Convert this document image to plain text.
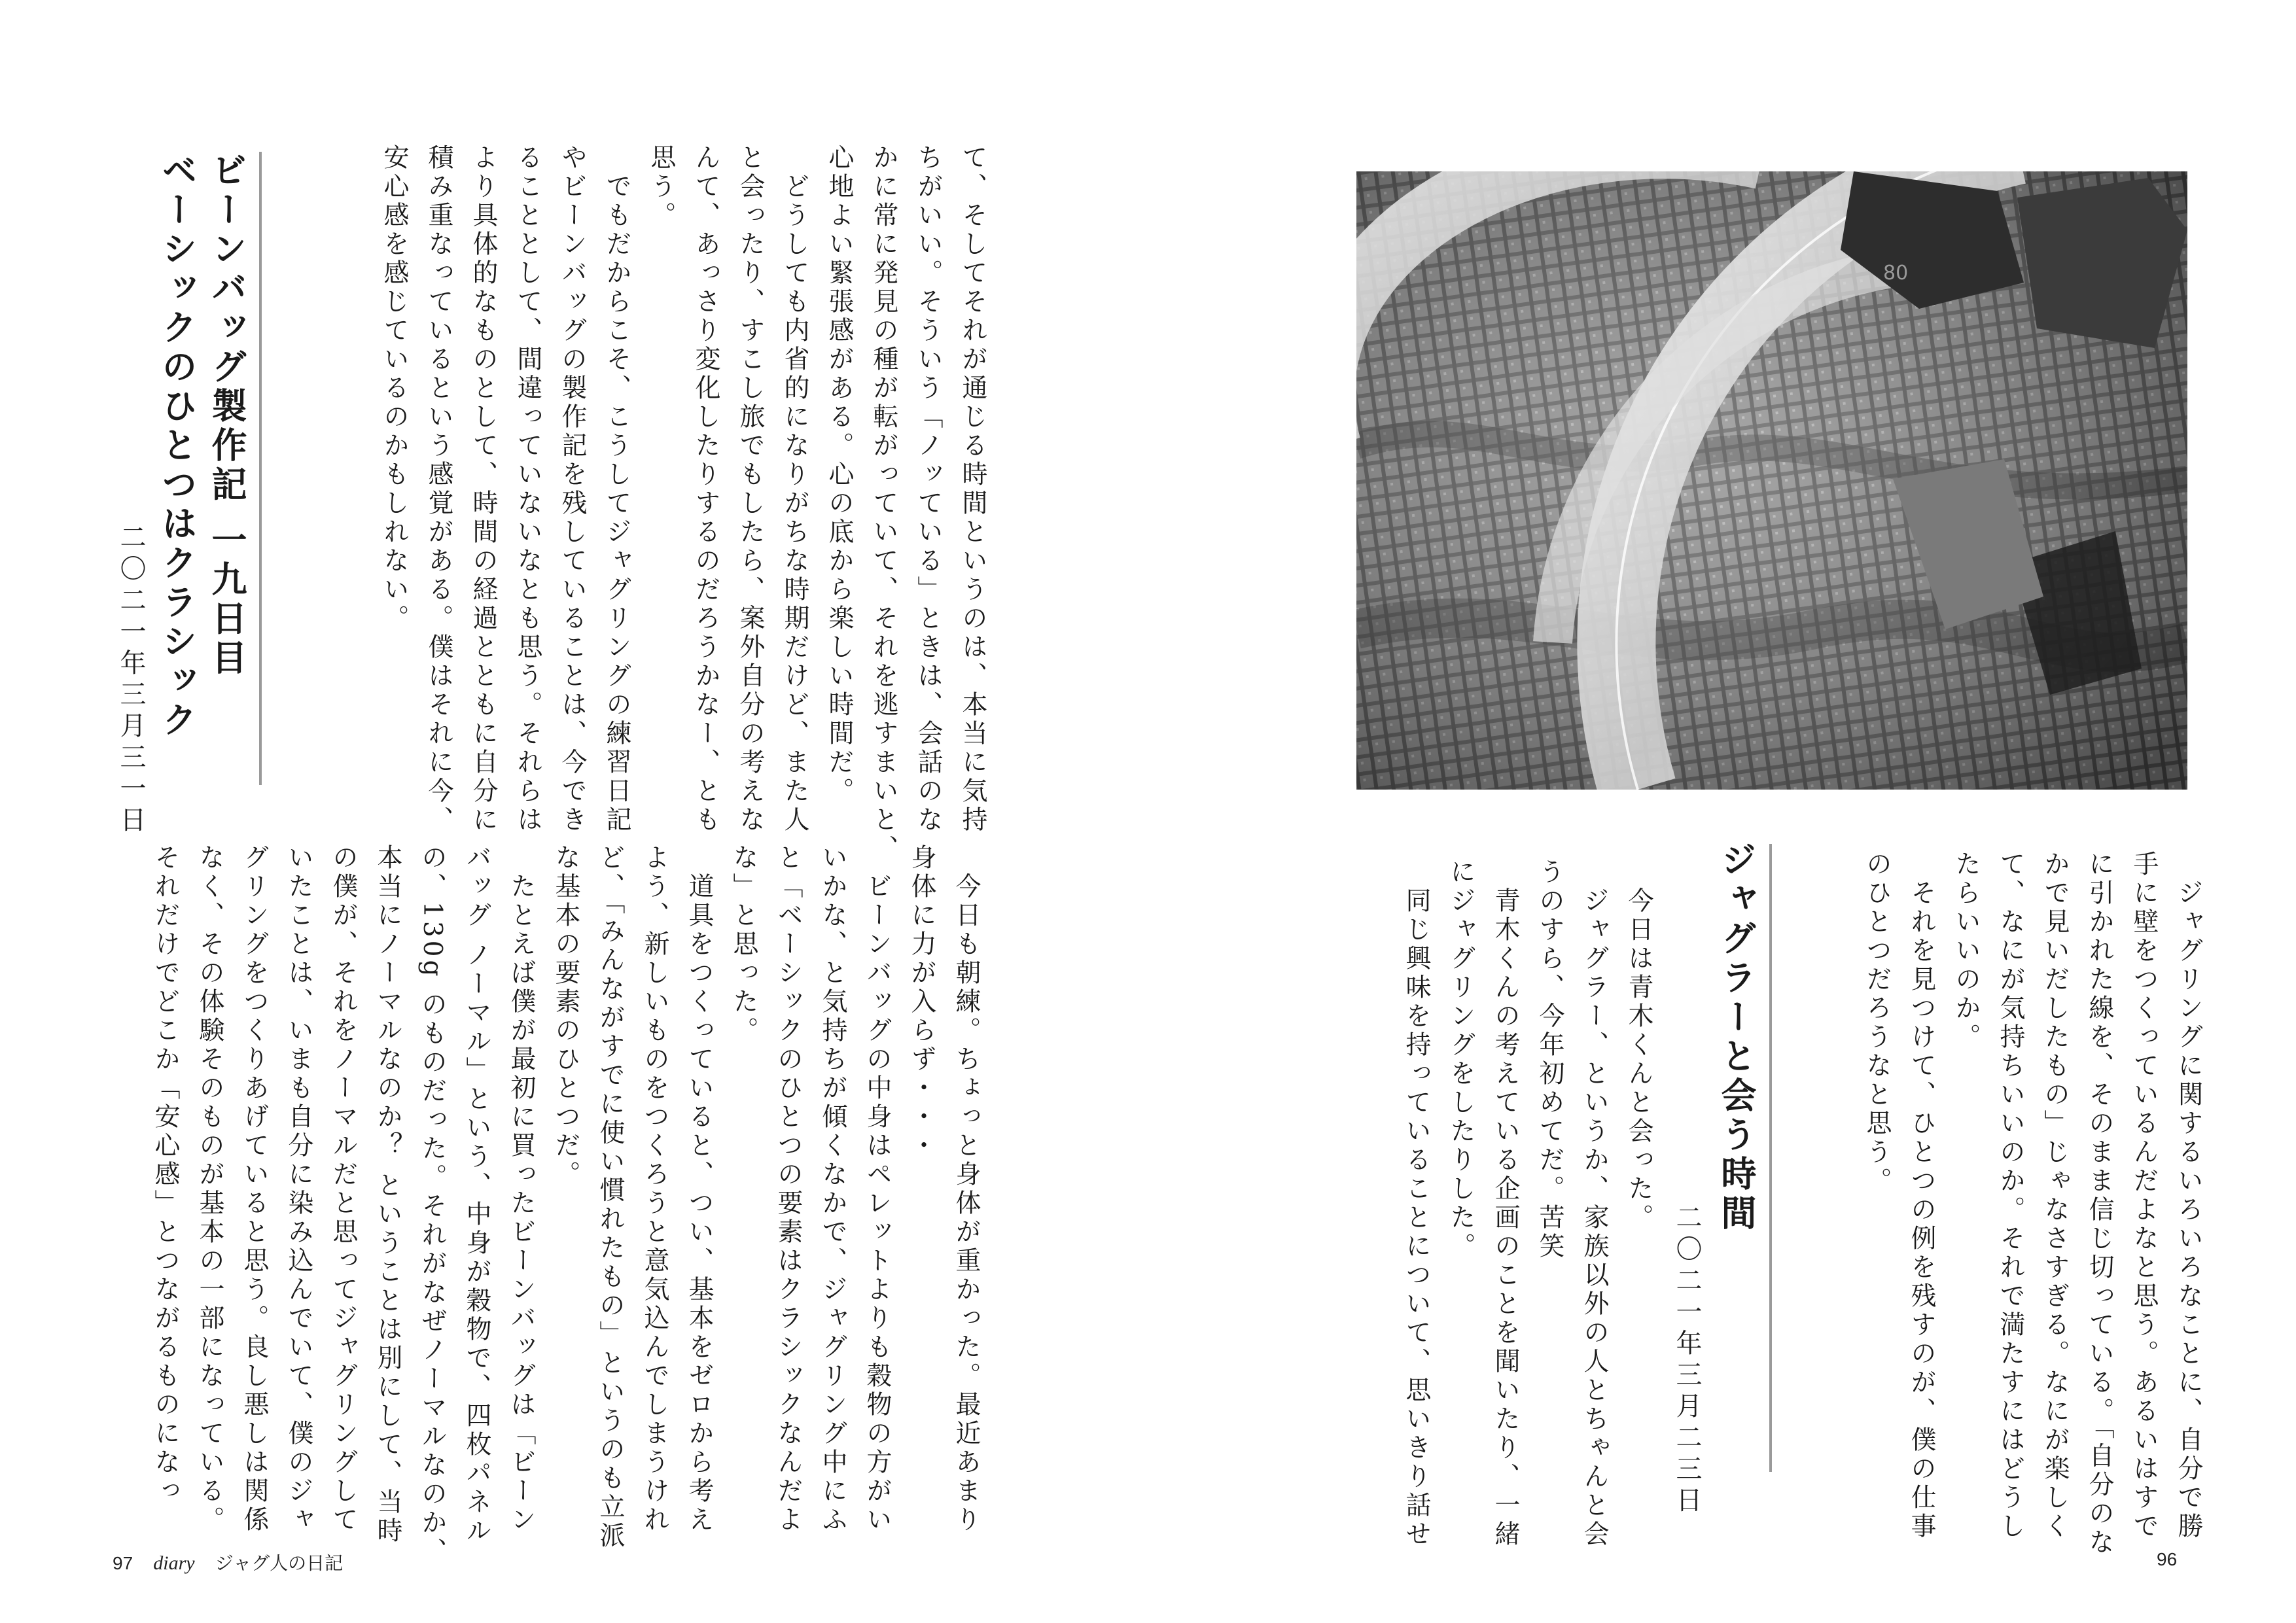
て、そしてそれが通じる時間というのは、本当に気持
ちがいい。そういう「ノッている」ときは、会話のな
かに常に発見の種が転がっていて、それを逃すまいと、
心地よい緊張感がある。心の底から楽しい時間だ。
　どうしても内省的になりがちな時期だけど、また人
と会ったり、すこし旅でもしたら、案外自分の考えな
んて、あっさり変化したりするのだろうかなー、とも
思う。
　でもだからこそ、こうしてジャグリングの練習日記
やビーンバッグの製作記を残していることは、今でき
ることとして、間違っていないなとも思う。それらは
より具体的なものとして、時間の経過とともに自分に
積み重なっているという感覚がある。僕はそれに今、
安心感を感じているのかもしれない。
ビーンバッグ製作記 一九日目
ベーシックのひとつはクラシック
二〇二一年三月三一日
　今日も朝練。ちょっと身体が重かった。最近あまり
身体に力が入らず・・・
　ビーンバッグの中身はペレットよりも穀物の方がい
いかな、と気持ちが傾くなかで、ジャグリング中にふ
と「ベーシックのひとつの要素はクラシックなんだよ
な」と思った。
　道具をつくっていると、つい、基本をゼロから考え
よう、新しいものをつくろうと意気込んでしまうけれ
ど、「みんながすでに使い慣れたもの」というのも立派
な基本の要素のひとつだ。
　たとえば僕が最初に買ったビーンバッグは「ビーン
バッグ ノーマル」という、中身が穀物で、四枚パネル
の、130g のものだった。それがなぜノーマルなのか、
本当にノーマルなのか？ ということは別にして、当時
の僕が、それをノーマルだと思ってジャグリングして
いたことは、いまも自分に染み込んでいて、僕のジャ
グリングをつくりあげていると思う。良し悪しは関係
なく、その体験そのものが基本の一部になっている。
それだけでどこか「安心感」とつながるものになっ
97 diary ジャグ人の日記
80
　ジャグリングに関するいろいろなことに、自分で勝
手に壁をつくっているんだよなと思う。あるいはすで
に引かれた線を、そのまま信じ切っている。「自分のな
かで見いだしたもの」じゃなさすぎる。なにが楽しく
て、なにが気持ちいいのか。それで満たすにはどうし
たらいいのか。
　それを見つけて、ひとつの例を残すのが、僕の仕事
のひとつだろうなと思う。
ジャグラーと会う時間
二〇二一年三月二三日
　今日は青木くんと会った。
　ジャグラー、というか、家族以外の人とちゃんと会
うのすら、今年初めてだ。苦笑
　青木くんの考えている企画のことを聞いたり、一緒
にジャグリングをしたりした。
　同じ興味を持っていることについて、思いきり話せ
96
